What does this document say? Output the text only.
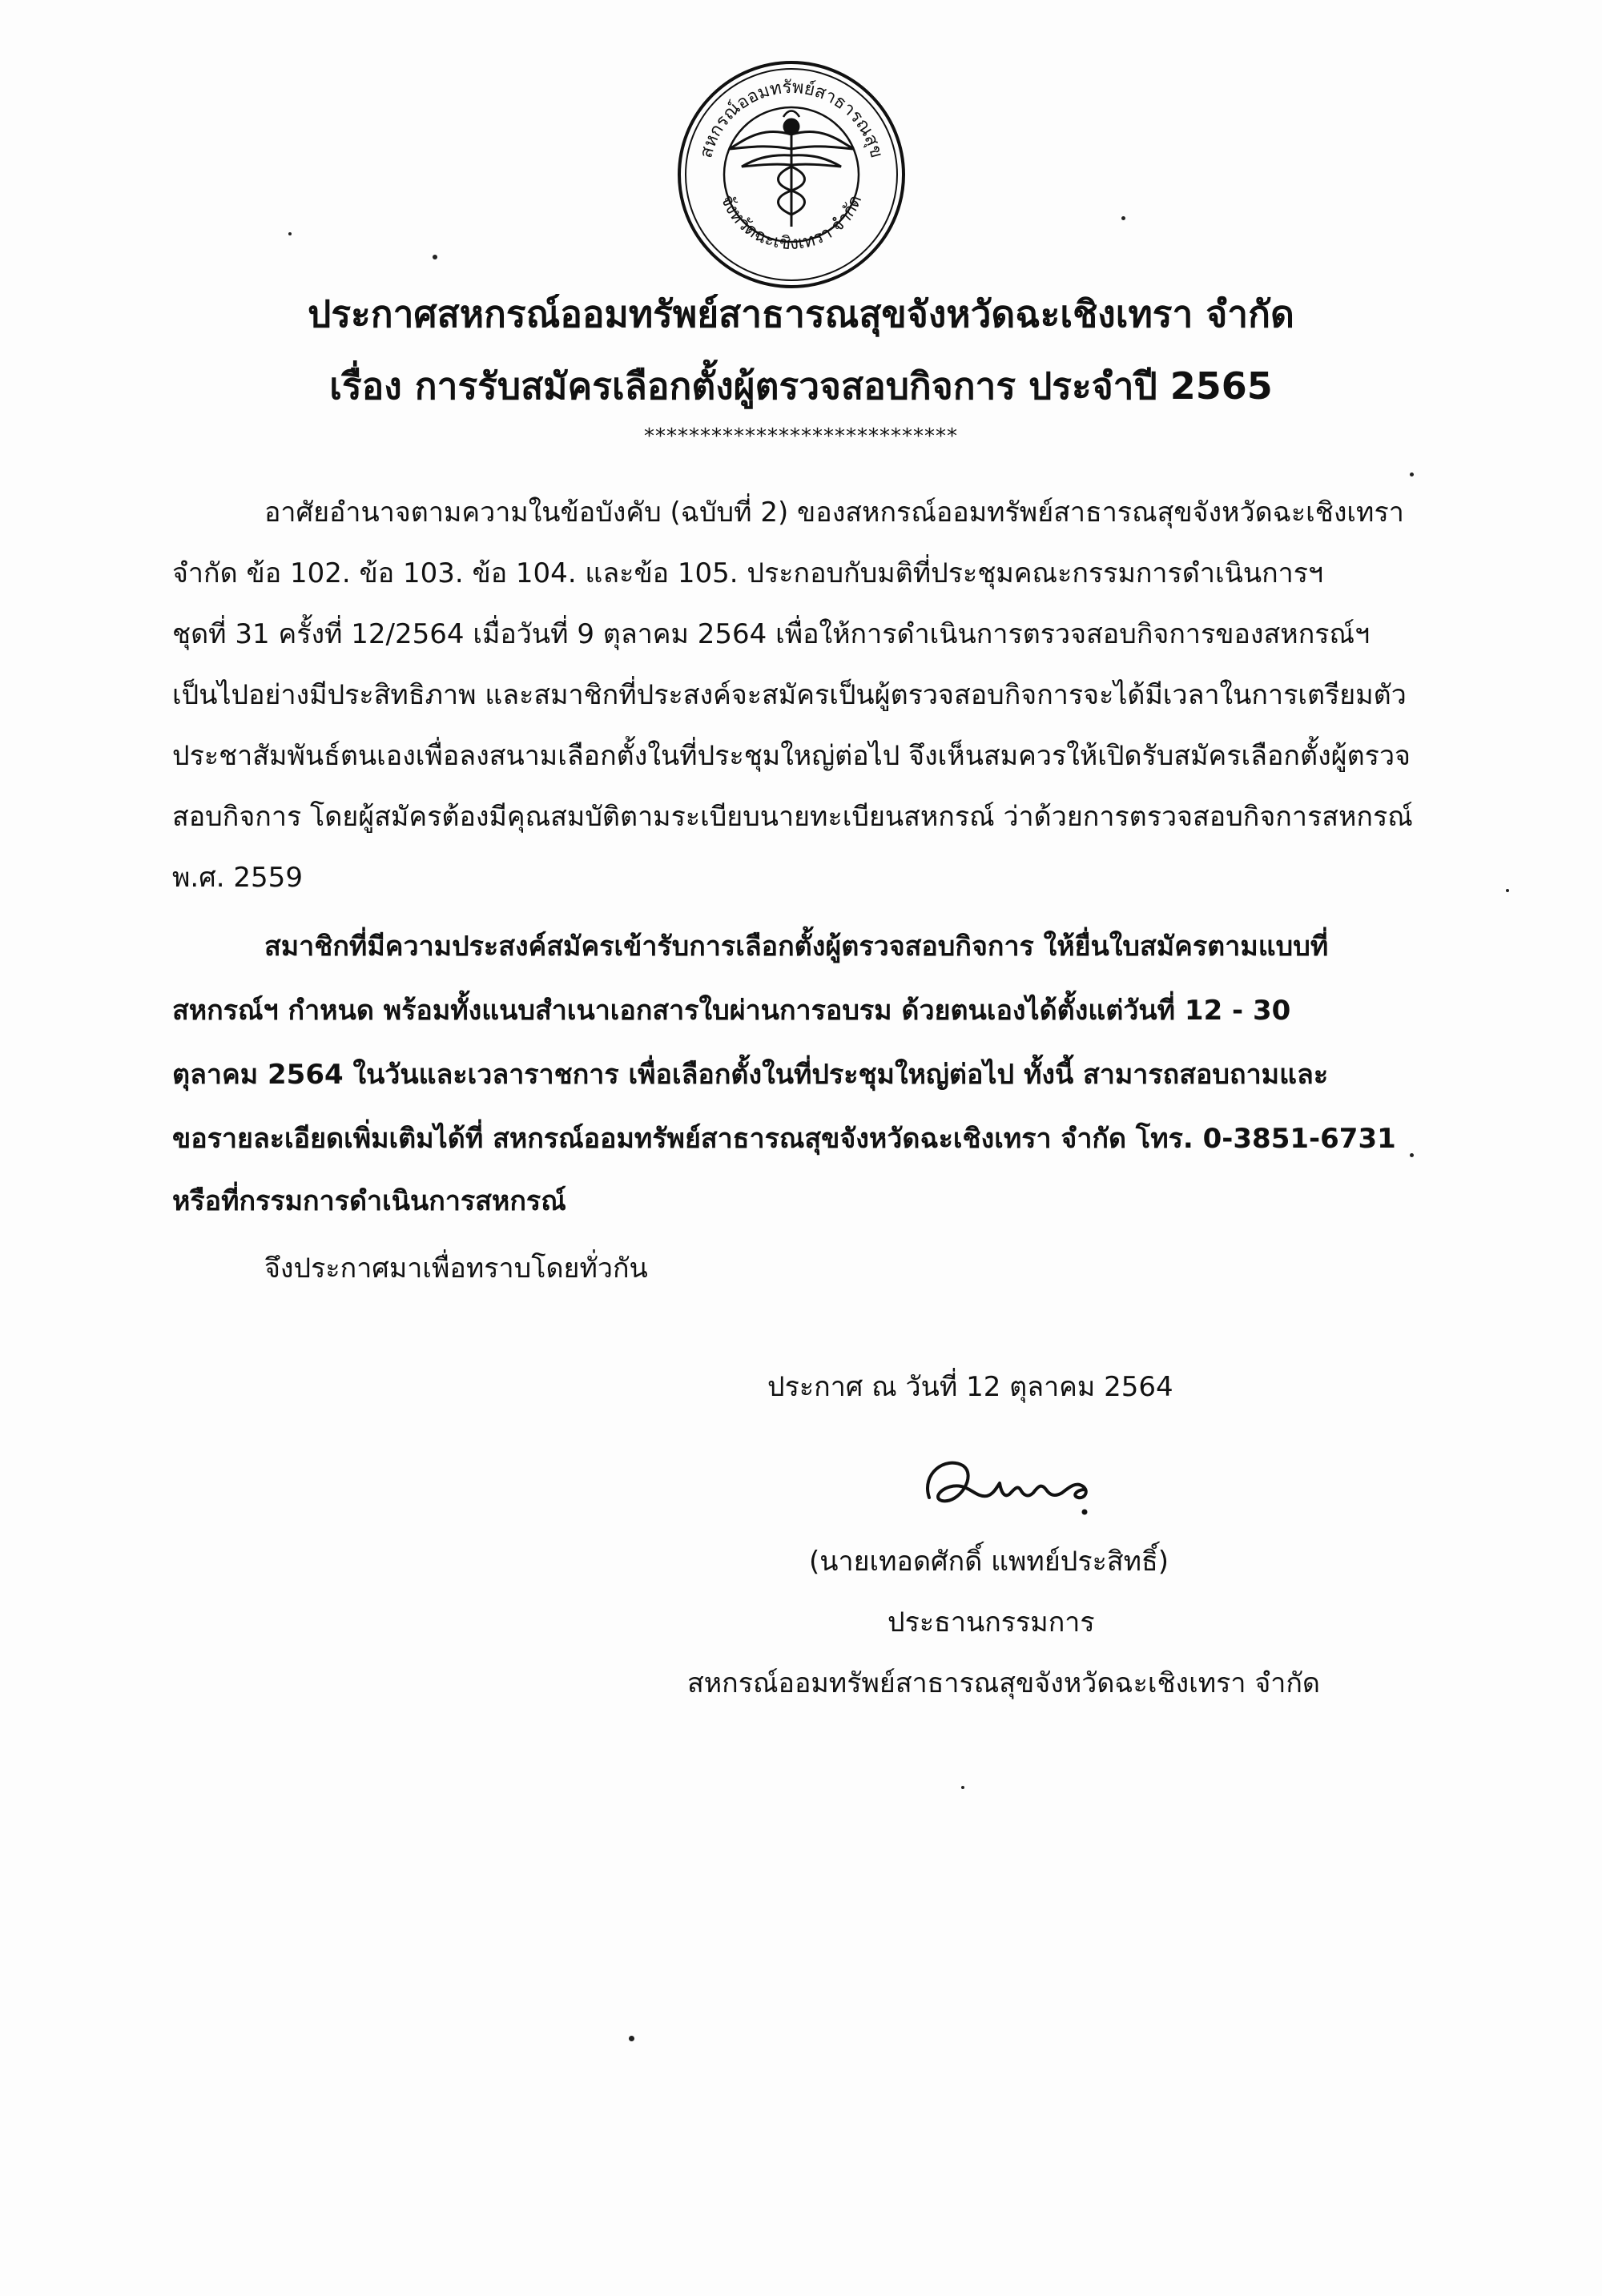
สหกรณ์ออมทรัพย์สาธารณสุข
จังหวัดฉะเชิงเทรา จำกัด
ประกาศสหกรณ์ออมทรัพย์สาธารณสุขจังหวัดฉะเชิงเทรา จำกัด
เรื่อง การรับสมัครเลือกตั้งผู้ตรวจสอบกิจการ ประจำปี 2565
****************************
อาศัยอำนาจตามความในข้อบังคับ (ฉบับที่ 2) ของสหกรณ์ออมทรัพย์สาธารณสุขจังหวัดฉะเชิงเทรา
จำกัด ข้อ 102. ข้อ 103. ข้อ 104. และข้อ 105. ประกอบกับมติที่ประชุมคณะกรรมการดำเนินการฯ
ชุดที่ 31 ครั้งที่ 12/2564 เมื่อวันที่ 9 ตุลาคม 2564 เพื่อให้การดำเนินการตรวจสอบกิจการของสหกรณ์ฯ
เป็นไปอย่างมีประสิทธิภาพ และสมาชิกที่ประสงค์จะสมัครเป็นผู้ตรวจสอบกิจการจะได้มีเวลาในการเตรียมตัว
ประชาสัมพันธ์ตนเองเพื่อลงสนามเลือกตั้งในที่ประชุมใหญ่ต่อไป จึงเห็นสมควรให้เปิดรับสมัครเลือกตั้งผู้ตรวจ
สอบกิจการ โดยผู้สมัครต้องมีคุณสมบัติตามระเบียบนายทะเบียนสหกรณ์ ว่าด้วยการตรวจสอบกิจการสหกรณ์
พ.ศ. 2559
สมาชิกที่มีความประสงค์สมัครเข้ารับการเลือกตั้งผู้ตรวจสอบกิจการ ให้ยื่นใบสมัครตามแบบที่
สหกรณ์ฯ กำหนด พร้อมทั้งแนบสำเนาเอกสารใบผ่านการอบรม ด้วยตนเองได้ตั้งแต่วันที่ 12 - 30
ตุลาคม 2564 ในวันและเวลาราชการ เพื่อเลือกตั้งในที่ประชุมใหญ่ต่อไป ทั้งนี้ สามารถสอบถามและ
ขอรายละเอียดเพิ่มเติมได้ที่ สหกรณ์ออมทรัพย์สาธารณสุขจังหวัดฉะเชิงเทรา จำกัด โทร. 0-3851-6731
หรือที่กรรมการดำเนินการสหกรณ์
จึงประกาศมาเพื่อทราบโดยทั่วกัน
ประกาศ ณ วันที่ 12 ตุลาคม 2564
(นายเทอดศักดิ์ แพทย์ประสิทธิ์)
ประธานกรรมการ
สหกรณ์ออมทรัพย์สาธารณสุขจังหวัดฉะเชิงเทรา จำกัด
